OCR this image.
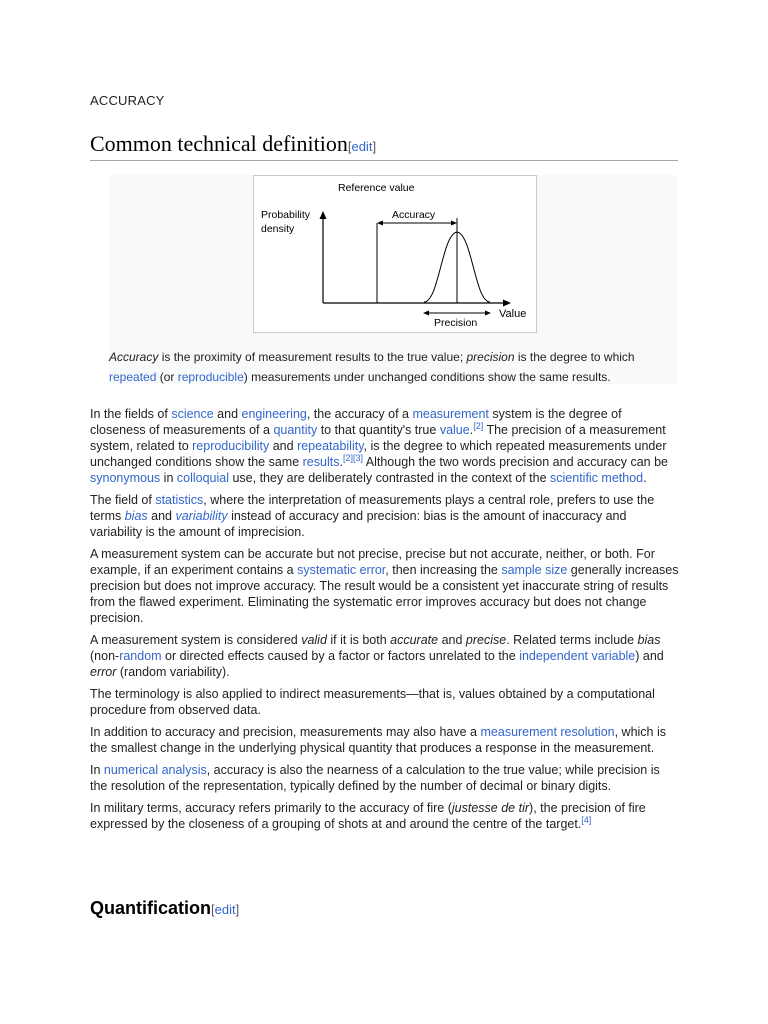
ACCURACY
Common technical definition[edit]
Reference value
Probability
density
Accuracy
Precision
Value
Accuracy is the proximity of measurement results to the true value; precision is the degree to which
repeated (or reproducible) measurements under unchanged conditions show the same results.

In the fields of science and engineering, the accuracy of a measurement system is the degree of closeness of measurements of a quantity to that quantity's true value.[2] The precision of a measurement system, related to reproducibility and repeatability, is the degree to which repeated measurements under unchanged conditions show the same results.[2][3] Although the two words precision and accuracy can be synonymous in colloquial use, they are deliberately contrasted in the context of the scientific method.

The field of statistics, where the interpretation of measurements plays a central role, prefers to use the terms bias and variability instead of accuracy and precision: bias is the amount of inaccuracy and variability is the amount of imprecision.

A measurement system can be accurate but not precise, precise but not accurate, neither, or both. For example, if an experiment contains a systematic error, then increasing the sample size generally increases precision but does not improve accuracy. The result would be a consistent yet inaccurate string of results from the flawed experiment. Eliminating the systematic error improves accuracy but does not change precision.

A measurement system is considered valid if it is both accurate and precise. Related terms include bias (non-random or directed effects caused by a factor or factors unrelated to the independent variable) and error (random variability).

The terminology is also applied to indirect measurements—that is, values obtained by a computational procedure from observed data.

In addition to accuracy and precision, measurements may also have a measurement resolution, which is the smallest change in the underlying physical quantity that produces a response in the measurement.

In numerical analysis, accuracy is also the nearness of a calculation to the true value; while precision is the resolution of the representation, typically defined by the number of decimal or binary digits.

In military terms, accuracy refers primarily to the accuracy of fire (justesse de tir), the precision of fire expressed by the closeness of a grouping of shots at and around the centre of the target.[4]

Quantification[edit]
